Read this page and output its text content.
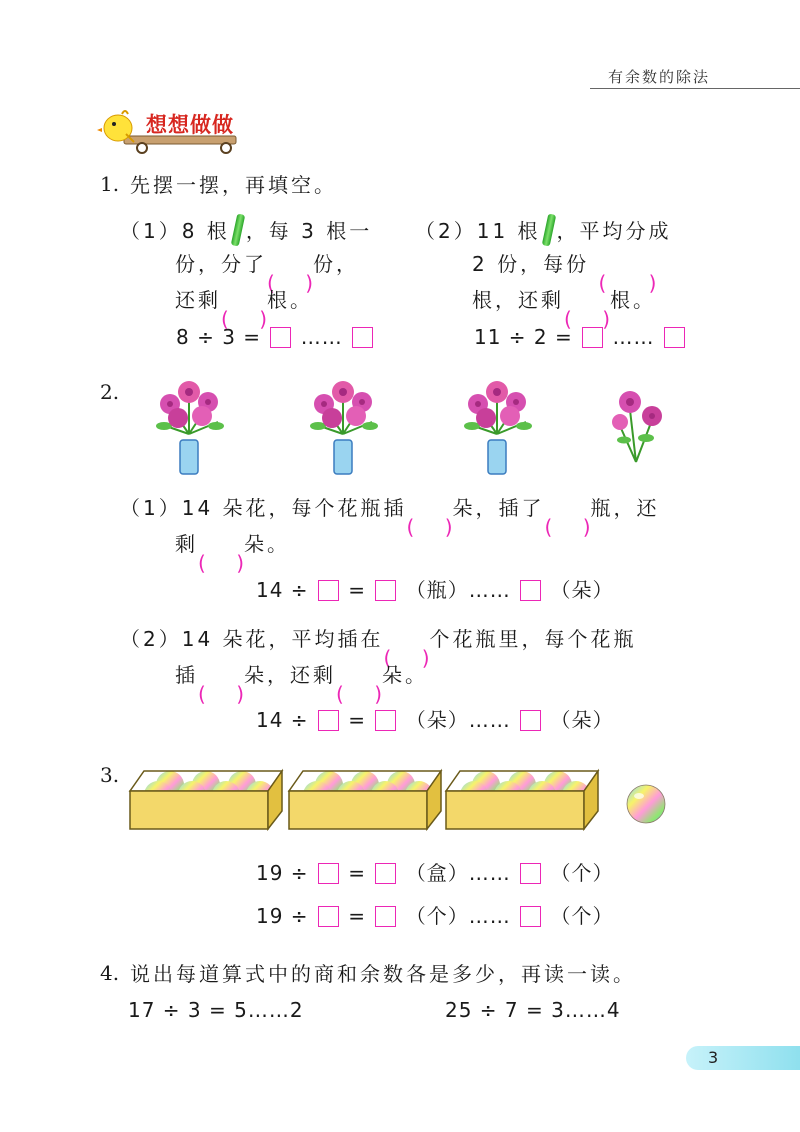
有余数的除法
想想做做
1. 先摆一摆，再填空。
（1）8 根 ，每 3 根一
份，分了 份，
还剩 根。
8 ÷ 3 = ……
（2）11 根 ，平均分成
2 份，每份
根，还剩 根。
11 ÷ 2 = ……
2.
（1）14 朵花，每个花瓶插 朵，插了 瓶，还
剩 朵。
14 ÷ = （瓶）…… （朵）
（2）14 朵花，平均插在 个花瓶里，每个花瓶
插 朵，还剩 朵。
14 ÷ = （朵）…… （朵）
3.
19 ÷ = （盒）…… （个）
19 ÷ = （个）…… （个）
4. 说出每道算式中的商和余数各是多少，再读一读。
17 ÷ 3 = 5……2	25 ÷ 7 = 3……4
3
